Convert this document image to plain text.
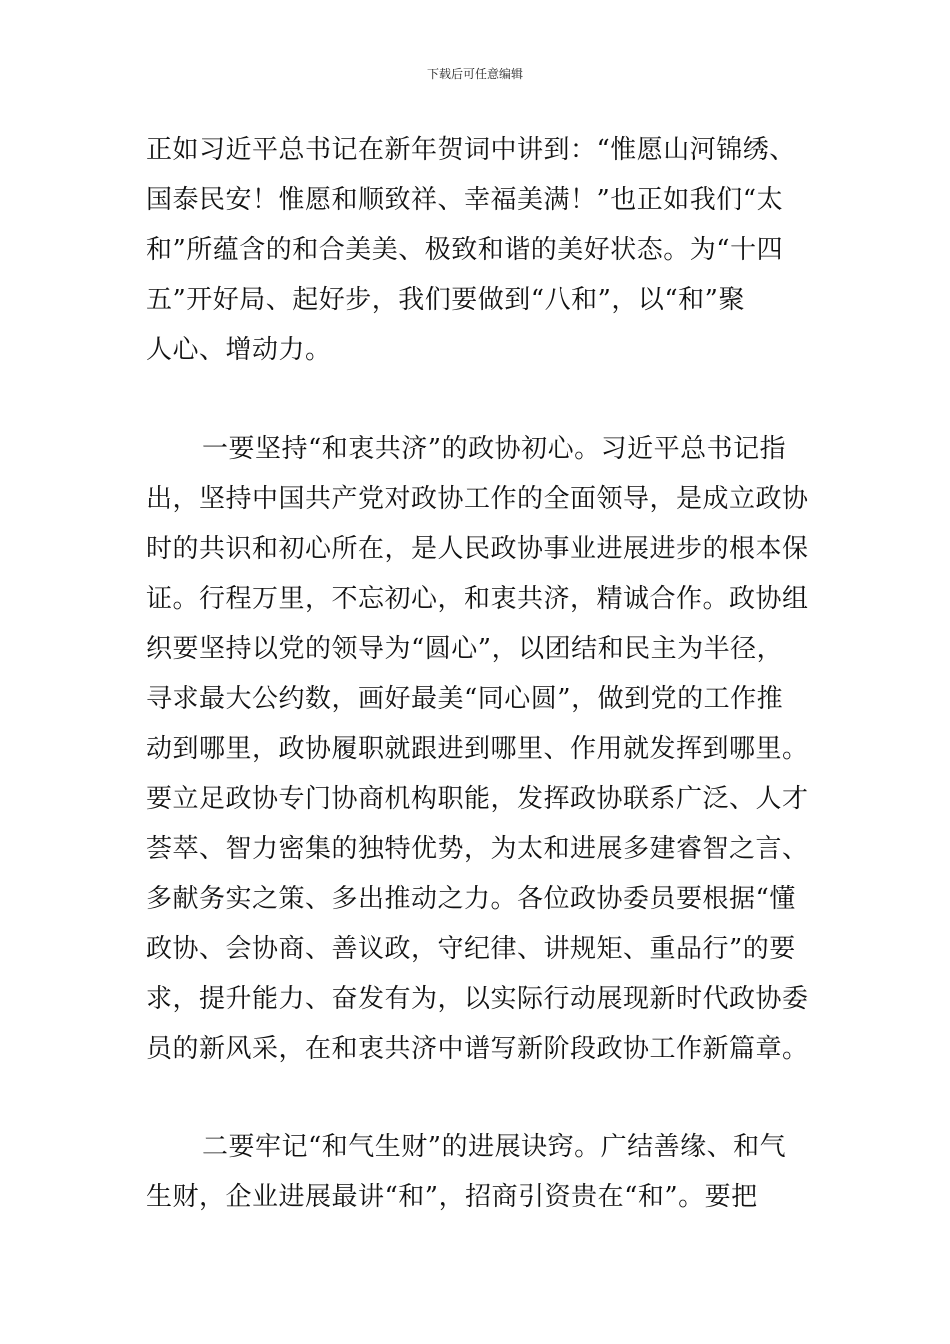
下载后可任意编辑
正如习近平总书记在新年贺词中讲到：“惟愿山河锦绣、
国泰民安！惟愿和顺致祥、幸福美满！”也正如我们“太
和”所蕴含的和合美美、极致和谐的美好状态。为“十四
五”开好局、起好步，我们要做到“八和”，以“和”聚
人心、增动力。
一要坚持“和衷共济”的政协初心。习近平总书记指
出，坚持中国共产党对政协工作的全面领导，是成立政协
时的共识和初心所在，是人民政协事业进展进步的根本保
证。行程万里，不忘初心，和衷共济，精诚合作。政协组
织要坚持以党的领导为“圆心”，以团结和民主为半径，
寻求最大公约数，画好最美“同心圆”，做到党的工作推
动到哪里，政协履职就跟进到哪里、作用就发挥到哪里。
要立足政协专门协商机构职能，发挥政协联系广泛、人才
荟萃、智力密集的独特优势，为太和进展多建睿智之言、
多献务实之策、多出推动之力。各位政协委员要根据“懂
政协、会协商、善议政，守纪律、讲规矩、重品行”的要
求，提升能力、奋发有为，以实际行动展现新时代政协委
员的新风采，在和衷共济中谱写新阶段政协工作新篇章。
二要牢记“和气生财”的进展诀窍。广结善缘、和气
生财，企业进展最讲“和”，招商引资贵在“和”。要把
